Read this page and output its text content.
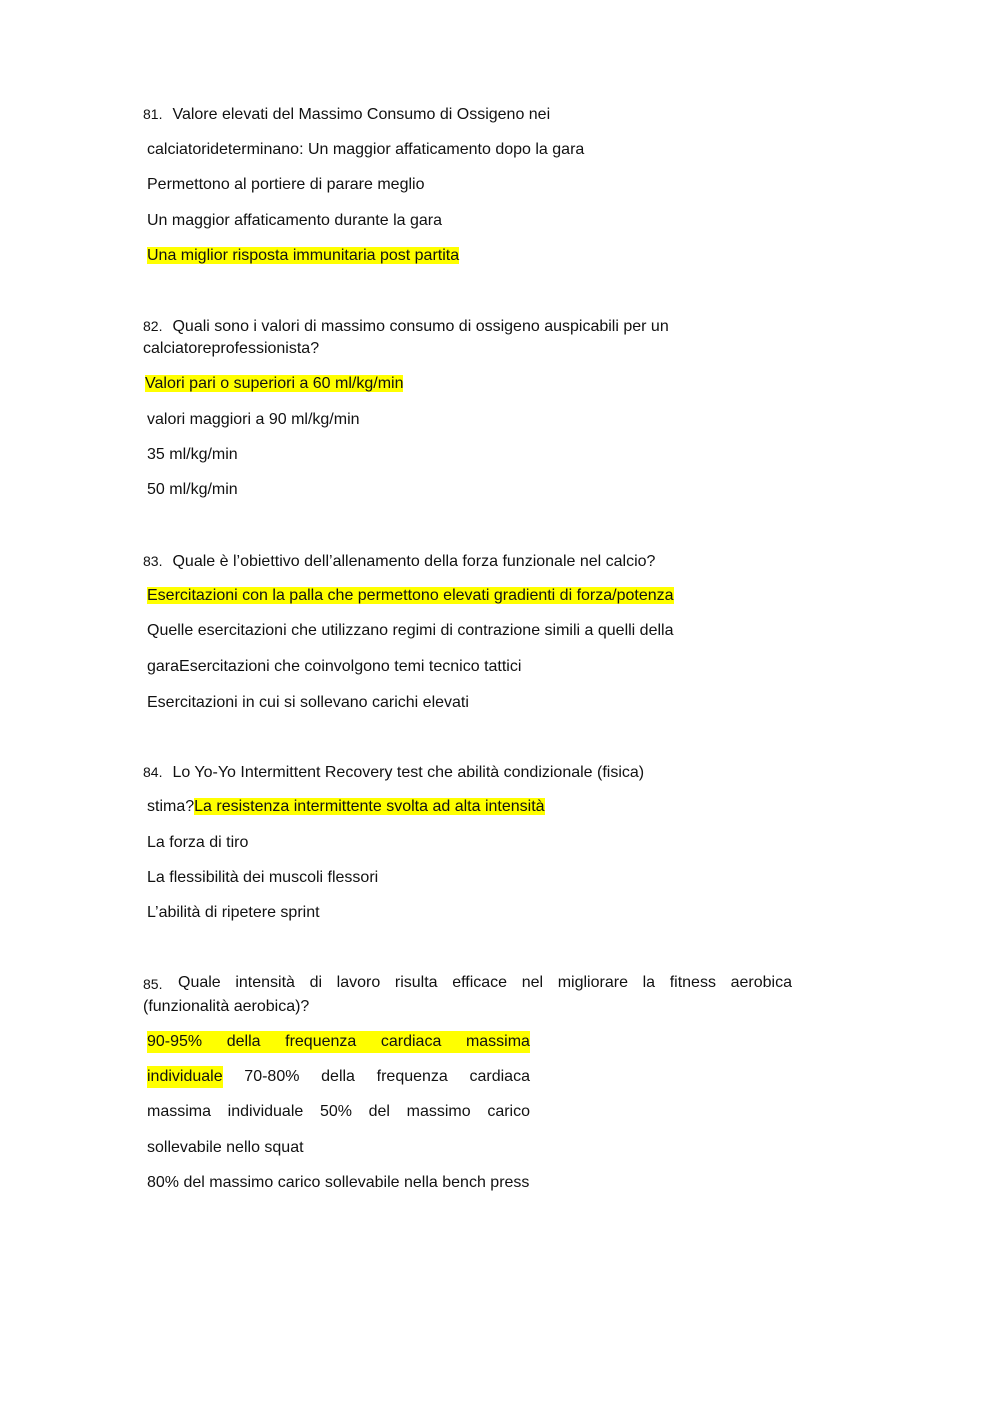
81. Valore elevati del Massimo Consumo di Ossigeno nei
calciatorideterminano: Un maggior affaticamento dopo la gara
Permettono al portiere di parare meglio
Un maggior affaticamento durante la gara
Una miglior risposta immunitaria post partita
82. Quali sono i valori di massimo consumo di ossigeno auspicabili per un
calciatoreprofessionista?
Valori pari o superiori a 60 ml/kg/min
valori maggiori a 90 ml/kg/min
35 ml/kg/min
50 ml/kg/min
83. Quale è l’obiettivo dell’allenamento della forza funzionale nel calcio?
Esercitazioni con la palla che permettono elevati gradienti di forza/potenza
Quelle esercitazioni che utilizzano regimi di contrazione simili a quelli della
garaEsercitazioni che coinvolgono temi tecnico tattici
Esercitazioni in cui si sollevano carichi elevati
84. Lo Yo-Yo Intermittent Recovery test che abilità condizionale (fisica)
stima?La resistenza intermittente svolta ad alta intensità
La forza di tiro
La flessibilità dei muscoli flessori
L’abilità di ripetere sprint
85. Quale intensità di lavoro risulta efficace nel migliorare la fitness aerobica
(funzionalità aerobica)?
90-95% della frequenza cardiaca massima
individuale 70-80% della frequenza cardiaca
massima individuale 50% del massimo carico
sollevabile nello squat
80% del massimo carico sollevabile nella bench press
